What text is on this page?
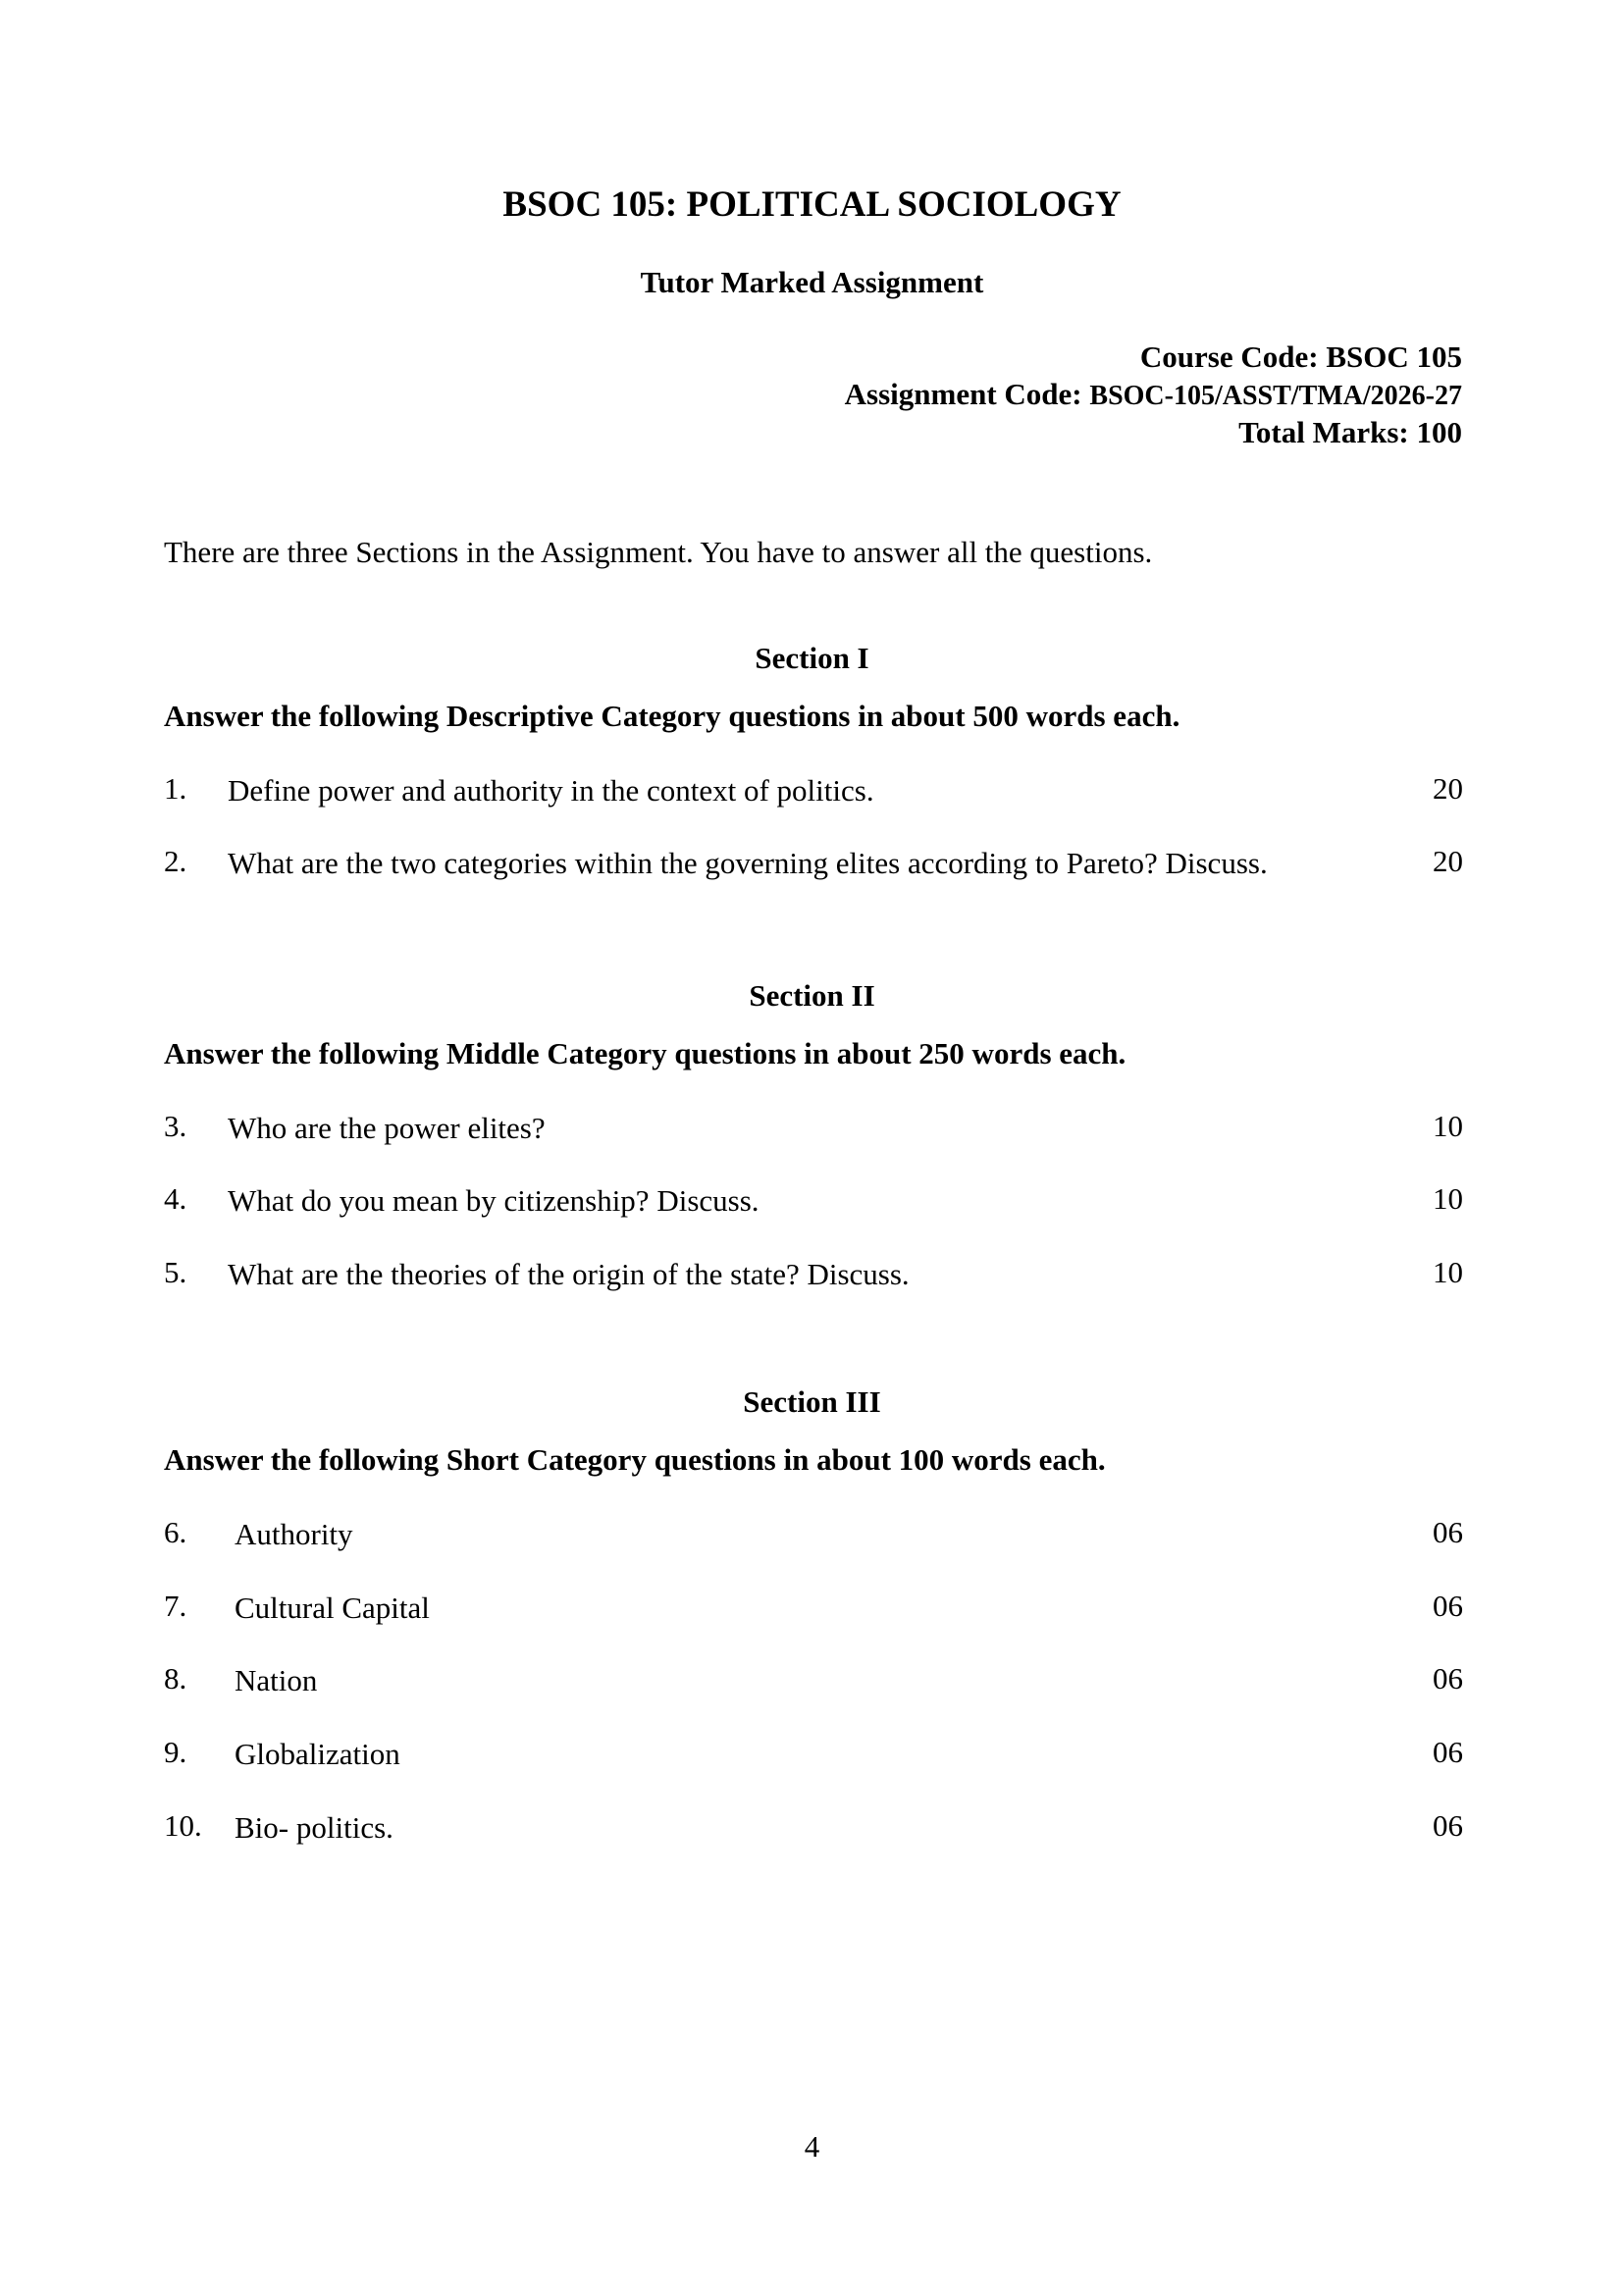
BSOC 105: POLITICAL SOCIOLOGY
Tutor Marked Assignment
Course Code: BSOC 105
Assignment Code: BSOC-105/ASST/TMA/2026-27
Total Marks: 100
There are three Sections in the Assignment. You have to answer all the questions.
Section I
Answer the following Descriptive Category questions in about 500 words each.
1. Define power and authority in the context of politics.	20
2. What are the two categories within the governing elites according to Pareto? Discuss.	20
Section II
Answer the following Middle Category questions in about 250 words each.
3. Who are the power elites?	10
4. What do you mean by citizenship? Discuss.	10
5. What are the theories of the origin of the state? Discuss.	10
Section III
Answer the following Short Category questions in about 100 words each.
6. Authority	06
7. Cultural Capital	06
8. Nation	06
9. Globalization	06
10. Bio- politics.	06
4
